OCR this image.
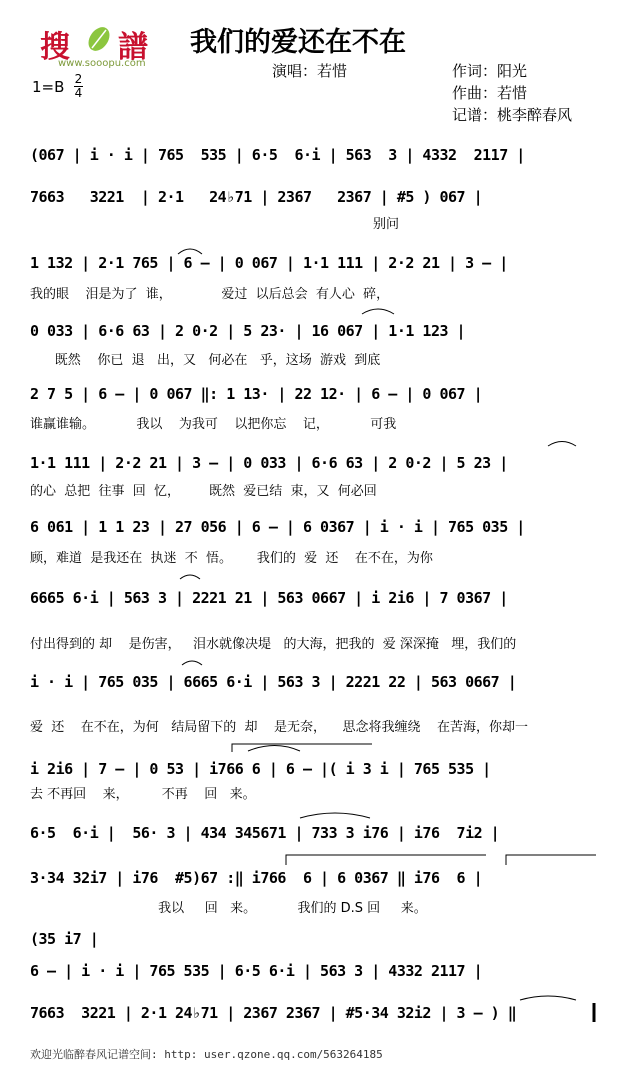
搜 譜
www.sooopu.com
我们的爱还在不在
演唱：若惜	作词：阳光
作曲：若惜
记谱：桃李醉春风
1=B 2
4
(067 | i · i | 765  535 | 6·5  6·i | 563  3 | 4332  2117 |
7663   3221  | 2·1   24♭71 | 2367   2367 | #5 ) 067 |
别问
1 132 | 2·1 765 | 6 – | 0 067 | 1·1 111 | 2·2 21 | 3 – |
我的眼    泪是为了  谁，            爱过  以后总会  有人心  碎，
0 033 | 6·6 63 | 2 0·2 | 5 23· | 16 067 | 1·1 123 |
既然    你已  退   出，又   何必在   乎，这场  游戏  到底
2 7 5 | 6 – | 0 067 ‖: 1 13· | 22 12· | 6 – | 0 067 |
谁赢谁输。          我以    为我可    以把你忘    记，          可我
1·1 111 | 2·2 21 | 3 – | 0 033 | 6·6 63 | 2 0·2 | 5 23 |
的心  总把  往事  回  忆，       既然  爱已结  束，又  何必回
6 061 | 1 1 23 | 27 056 | 6 – | 6 0367 | i · i | 765 035 |
顾，难道  是我还在  执迷  不  悟。      我们的  爱  还    在不在，为你
6665 6·i | 563 3 | 2221 21 | 563 0667 | i 2i6 | 7 0367 |
付出得到的 却    是伤害，   泪水就像决堤   的大海，把我的  爱 深深掩   埋，我们的
i · i | 765 035 | 6665 6·i | 563 3 | 2221 22 | 563 0667 |
爱  还    在不在，为何   结局留下的  却    是无奈，    思念将我缠绕    在苦海，你却一
i 2i6 | 7 – | 0 53 | i766 6 | 6 – |( i 3 i | 765 535 |
去 不再回    来，        不再    回   来。
6·5  6·i |  56· 3 | 434 345671 | 733 3 i76 | i76  7i2 |
3·34 32i7 | i76  #5)67 :‖ i766  6 | 6 0367 ‖ i76  6 |
我以     回   来。          我们的 D.S 回     来。
(35 i7 |
6 – | i · i | 765 535 | 6·5 6·i | 563 3 | 4332 2117 |
7663  3221 | 2·1 24♭71 | 2367 2367 | #5·34 32i2 | 3 – ) ‖
欢迎光临醉春风记谱空间: http: user.qzone.qq.com/563264185
